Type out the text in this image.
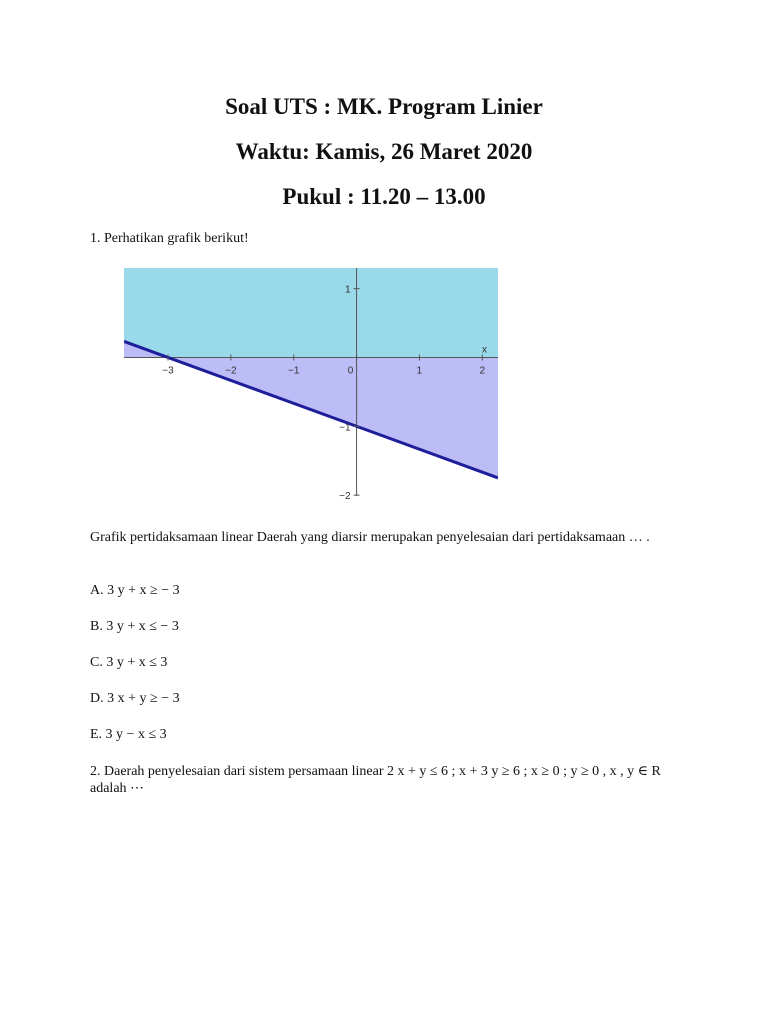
Soal UTS : MK. Program Linier
Waktu: Kamis, 26 Maret 2020
Pukul : 11.20 – 13.00

1. Perhatikan grafik berikut!

−3	−2	−1	0	1	2
1
−1
−2
x

Grafik pertidaksamaan linear Daerah yang diarsir merupakan penyelesaian dari pertidaksamaan … .

A. 3 y + x ≥ − 3

B. 3 y + x ≤ − 3

C. 3 y + x ≤ 3

D. 3 x + y ≥ − 3

E. 3 y − x ≤ 3

2. Daerah penyelesaian dari sistem persamaan linear 2 x + y ≤ 6 ; x + 3 y ≥ 6 ; x ≥ 0 ; y ≥ 0 , x , y ∈ R adalah ⋯
